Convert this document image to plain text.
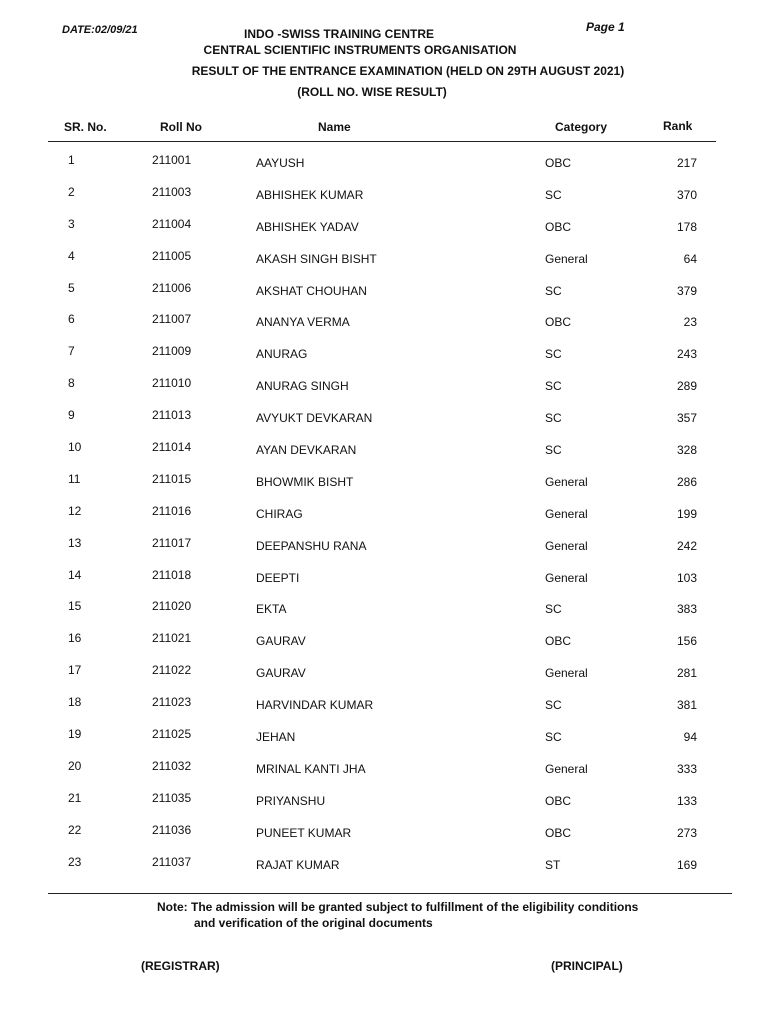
DATE:02/09/21	Page 1
INDO -SWISS TRAINING CENTRE
CENTRAL SCIENTIFIC INSTRUMENTS ORGANISATION
RESULT OF THE ENTRANCE EXAMINATION (HELD ON 29TH AUGUST 2021)
(ROLL NO. WISE RESULT)
SR. No.	Roll No	Name	Category	Rank
1	211001	AAYUSH	OBC	217
2	211003	ABHISHEK KUMAR	SC	370
3	211004	ABHISHEK YADAV	OBC	178
4	211005	AKASH SINGH BISHT	General	64
5	211006	AKSHAT CHOUHAN	SC	379
6	211007	ANANYA VERMA	OBC	23
7	211009	ANURAG	SC	243
8	211010	ANURAG SINGH	SC	289
9	211013	AVYUKT DEVKARAN	SC	357
10	211014	AYAN DEVKARAN	SC	328
11	211015	BHOWMIK BISHT	General	286
12	211016	CHIRAG	General	199
13	211017	DEEPANSHU RANA	General	242
14	211018	DEEPTI	General	103
15	211020	EKTA	SC	383
16	211021	GAURAV	OBC	156
17	211022	GAURAV	General	281
18	211023	HARVINDAR KUMAR	SC	381
19	211025	JEHAN	SC	94
20	211032	MRINAL KANTI JHA	General	333
21	211035	PRIYANSHU	OBC	133
22	211036	PUNEET KUMAR	OBC	273
23	211037	RAJAT KUMAR	ST	169
Note: The admission will be granted subject to fulfillment of the eligibility conditions
and verification of the original documents
(REGISTRAR)	(PRINCIPAL)
